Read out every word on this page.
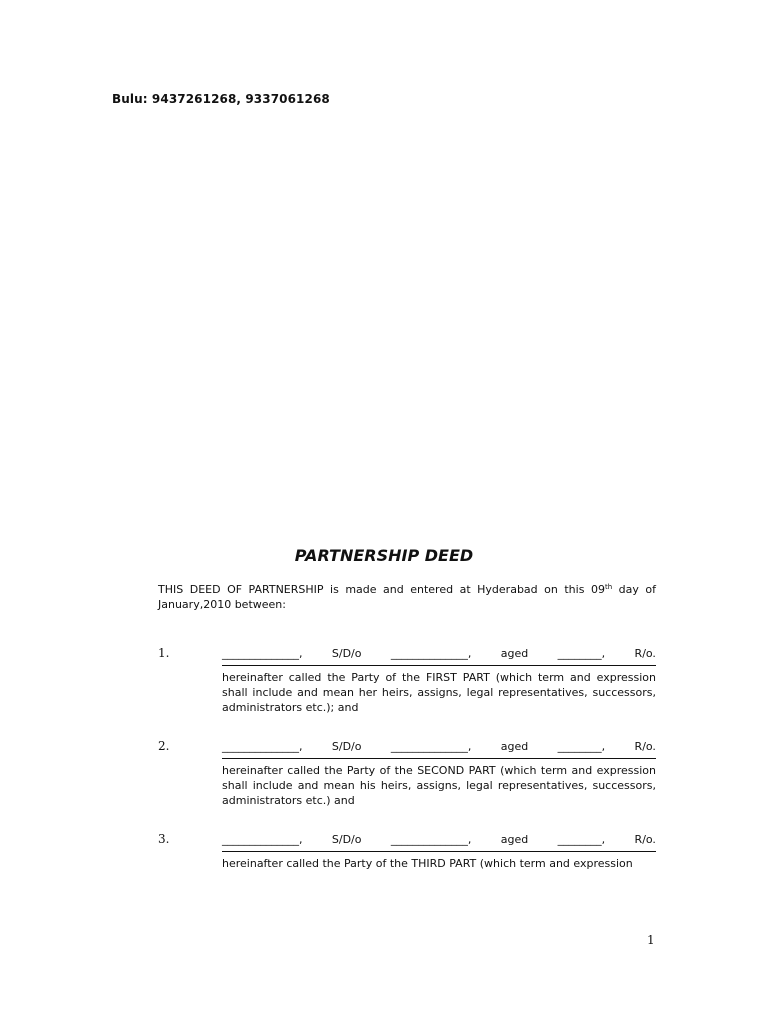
Bulu: 9437261268, 9337061268
PARTNERSHIP DEED
THIS DEED OF PARTNERSHIP is made and entered at Hyderabad on this 09th day of January,2010 between:
1.	______________,	S/D/o	______________,	aged	________,	R/o.
hereinafter called the Party of the FIRST PART (which term and expression shall include and mean her heirs, assigns, legal representatives, successors, administrators etc.); and
2.	______________,	S/D/o	______________,	aged	________,	R/o.
hereinafter called the Party of the SECOND PART (which term and expression shall include and mean his heirs, assigns, legal representatives, successors, administrators etc.) and
3.	______________,	S/D/o	______________,	aged	________,	R/o.
hereinafter called the Party of the THIRD PART (which term and expression
1
